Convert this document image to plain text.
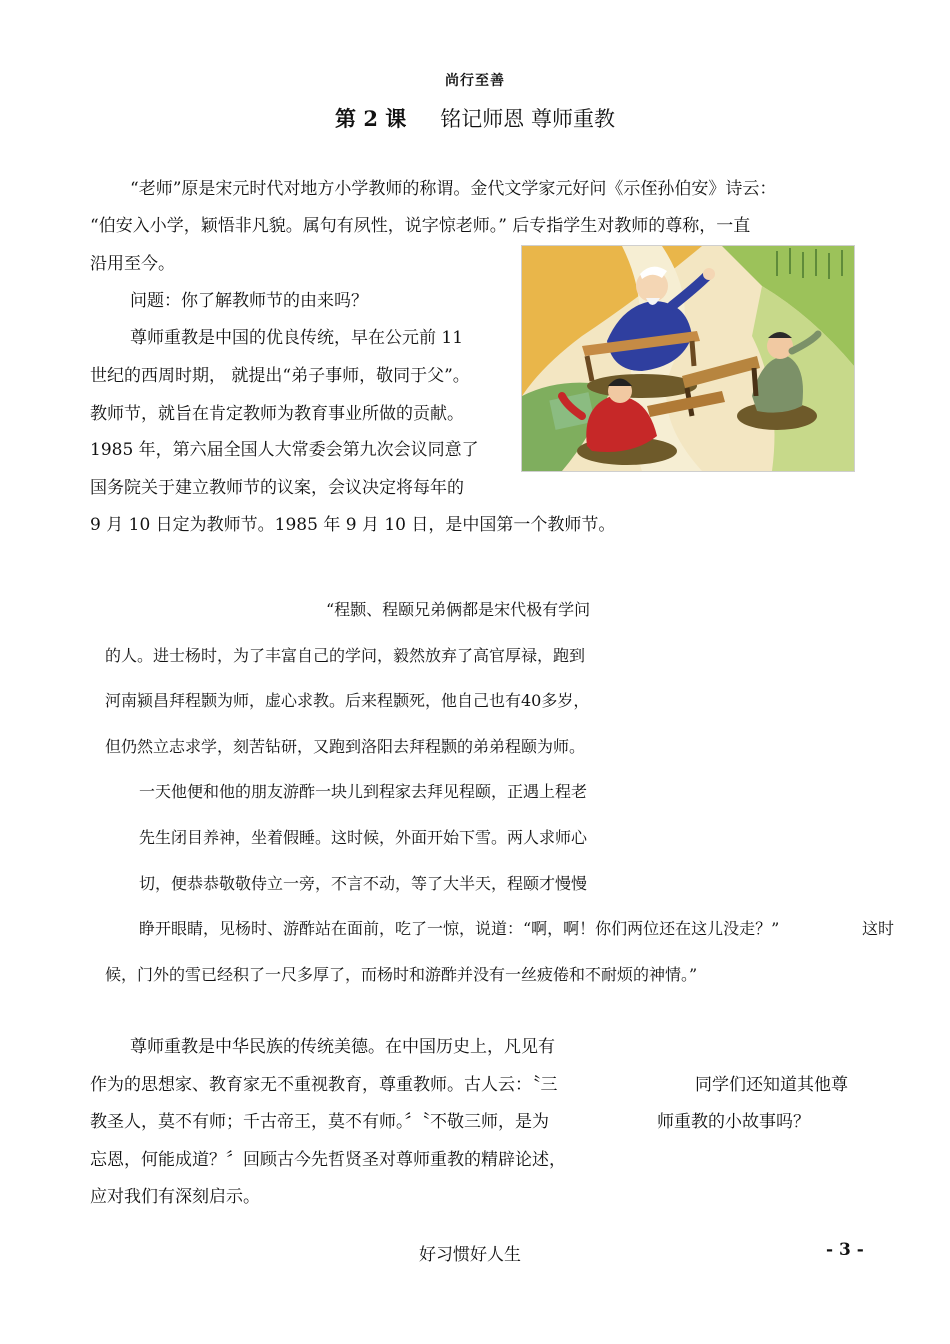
尚行至善
第 2 课 铭记师恩 尊师重教
“老师”原是宋元时代对地方小学教师的称谓。金代文学家元好问《示侄孙伯安》诗云：
“伯安入小学，颖悟非凡貌。属句有夙性，说字惊老师。” 后专指学生对教师的尊称，一直
沿用至今。
问题：你了解教师节的由来吗？
尊师重教是中国的优良传统，早在公元前 11
世纪的西周时期， 就提出“弟子事师，敬同于父”。
教师节，就旨在肯定教师为教育事业所做的贡献。
1985 年，第六届全国人大常委会第九次会议同意了
国务院关于建立教师节的议案，会议决定将每年的
9 月 10 日定为教师节。1985 年 9 月 10 日，是中国第一个教师节。
“程颢、程颐兄弟俩都是宋代极有学问
的人。进士杨时，为了丰富自己的学问，毅然放弃了高官厚禄，跑到
河南颍昌拜程颢为师，虚心求教。后来程颢死，他自己也有40多岁，
但仍然立志求学，刻苦钻研，又跑到洛阳去拜程颢的弟弟程颐为师。
一天他便和他的朋友游酢一块儿到程家去拜见程颐，正遇上程老
先生闭目养神，坐着假睡。这时候，外面开始下雪。两人求师心
切，便恭恭敬敬侍立一旁，不言不动，等了大半天，程颐才慢慢
睁开眼睛，见杨时、游酢站在面前，吃了一惊，说道：“啊，啊！你们两位还在这儿没走？”	这时
候，门外的雪已经积了一尺多厚了，而杨时和游酢并没有一丝疲倦和不耐烦的神情。”
尊师重教是中华民族的传统美德。在中国历史上，凡见有
作为的思想家、教育家无不重视教育，尊重教师。古人云：〝三
教圣人，莫不有师；千古帝王，莫不有师。〞〝不敬三师，是为
忘恩，何能成道？〞回顾古今先哲贤圣对尊师重教的精辟论述，
应对我们有深刻启示。
同学们还知道其他尊
师重教的小故事吗？
好习惯好人生	- 3 -
